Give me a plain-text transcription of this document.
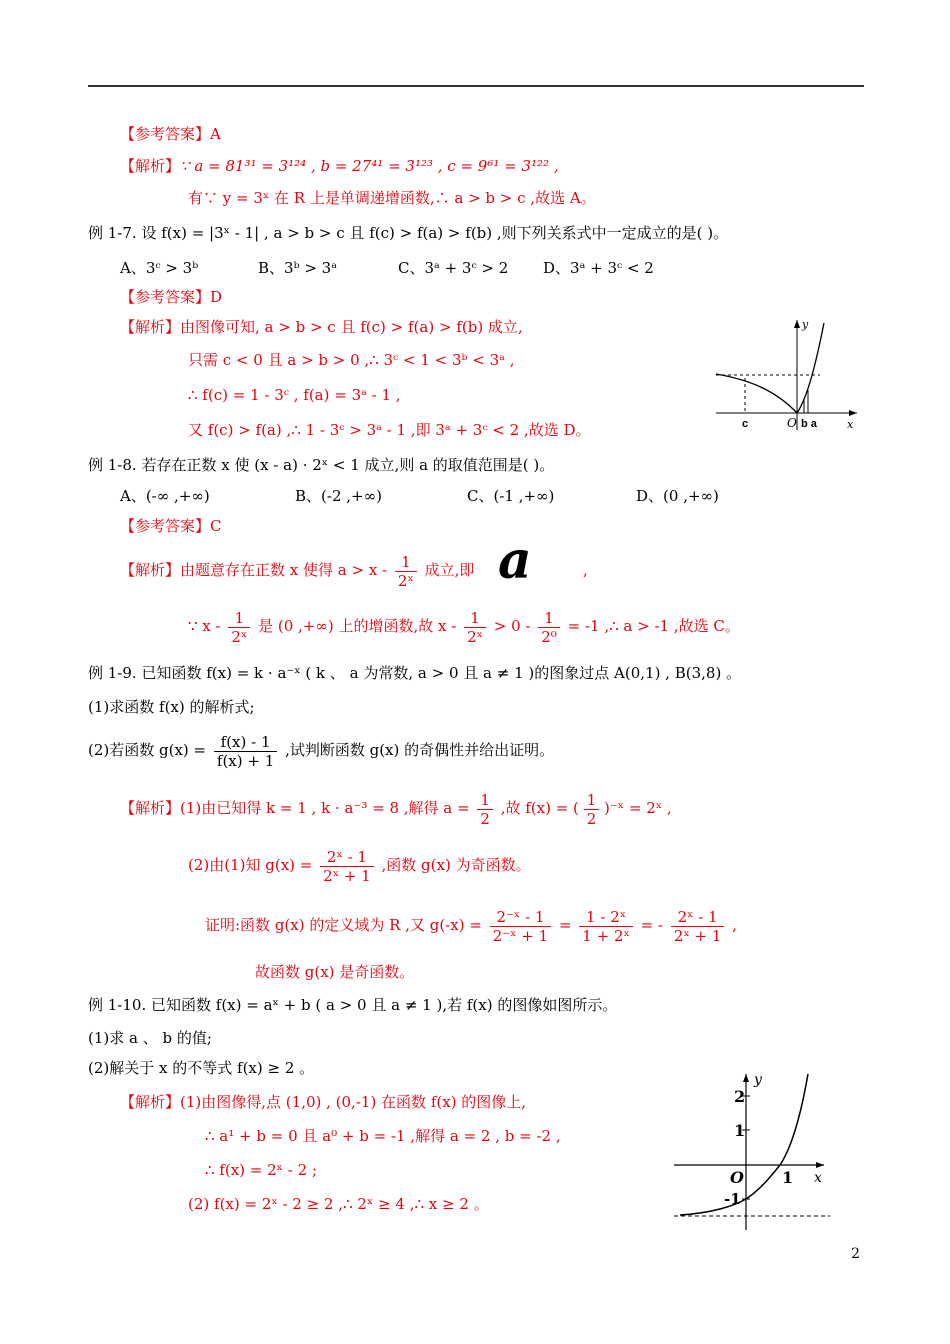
【参考答案】A
【解析】∵ a = 81³¹ = 3¹²⁴ , b = 27⁴¹ = 3¹²³ , c = 9⁶¹ = 3¹²² ,
有∵ y = 3ˣ 在 R 上是单调递增函数,∴ a > b > c ,故选 A。
例 1-7. 设 f(x) = |3ˣ - 1| , a > b > c 且 f(c) > f(a) > f(b) ,则下列关系式中一定成立的是( )。
A、3ᶜ > 3ᵇ	B、3ᵇ > 3ᵃ	C、3ᵃ + 3ᶜ > 2 D、3ᵃ + 3ᶜ < 2
【参考答案】D
【解析】由图像可知, a > b > c 且 f(c) > f(a) > f(b) 成立,
只需 c < 0 且 a > b > 0 ,∴ 3ᶜ < 1 < 3ᵇ < 3ᵃ ,
∴ f(c) = 1 - 3ᶜ , f(a) = 3ᵃ - 1 ,
又 f(c) > f(a) ,∴ 1 - 3ᶜ > 3ᵃ - 1 ,即 3ᵃ + 3ᶜ < 2 ,故选 D。	c	O b a
y
x
例 1-8. 若存在正数 x 使 (x - a) · 2ˣ < 1 成立,则 a 的取值范围是( )。
A、(-∞ ,+∞)	B、(-2 ,+∞)	C、(-1 ,+∞)	D、(0 ,+∞)
【参考答案】C
【解析】由题意存在正数 x 使得 $a > x - \frac{1}{\text{2ˣ}}$ 成立,即 a	,
∵ x - $\frac{1}{\text{2ˣ}}$ 是 (0 ,+∞) 上的增函数,故 $x - \frac{1}{\text{2ˣ}} > 0 - \frac{1}{\text{2⁰}} = -1$ ,∴ a > -1 ,故选 C。
例 1-9. 已知函数 f(x) = k · a⁻ˣ ( k 、 a 为常数, a > 0 且 a ≠ 1 )的图象过点 A(0,1) , B(3,8) 。
(1)求函数 f(x) 的解析式;
(2)若函数 $g(x) = \frac{f(x) - 1}{f(x) + 1}$ ,试判断函数 g(x) 的奇偶性并给出证明。
【解析】(1)由已知得 k = 1 , k · a⁻³ = 8 ,解得 $a = \frac{1}{2}$ ,故 f(x) = ( $\frac{1}{2}$ )⁻ˣ = 2ˣ ,
(2)由(1)知 $g(x) = \frac{\text{2ˣ - 1}}{\text{2ˣ + 1}}$ ,函数 g(x) 为奇函数。
证明:函数 g(x) 的定义域为 R ,又 $g(-x) = \frac{\text{2⁻ˣ - 1}}{\text{2⁻ˣ + 1}} = \frac{\text{1 - 2ˣ}}{\text{1 + 2ˣ}}$ = - $\frac{\text{2ˣ - 1}}{\text{2ˣ + 1}}$ ,
故函数 g(x) 是奇函数。
例 1-10. 已知函数 f(x) = aˣ + b ( a > 0 且 a ≠ 1 ),若 f(x) 的图像如图所示。
(1)求 a 、 b 的值;
(2)解关于 x 的不等式 f(x) ≥ 2 。
【解析】(1)由图像得,点 (1,0) , (0,-1) 在函数 f(x) 的图像上,
∴ a¹ + b = 0 且 a⁰ + b = -1 ,解得 a = 2 , b = -2 ,
∴ f(x) = 2ˣ - 2 ;
(2) f(x) = 2ˣ - 2 ≥ 2 ,∴ 2ˣ ≥ 4 ,∴ x ≥ 2 。
2
1
O
-1
1
y
x
2
